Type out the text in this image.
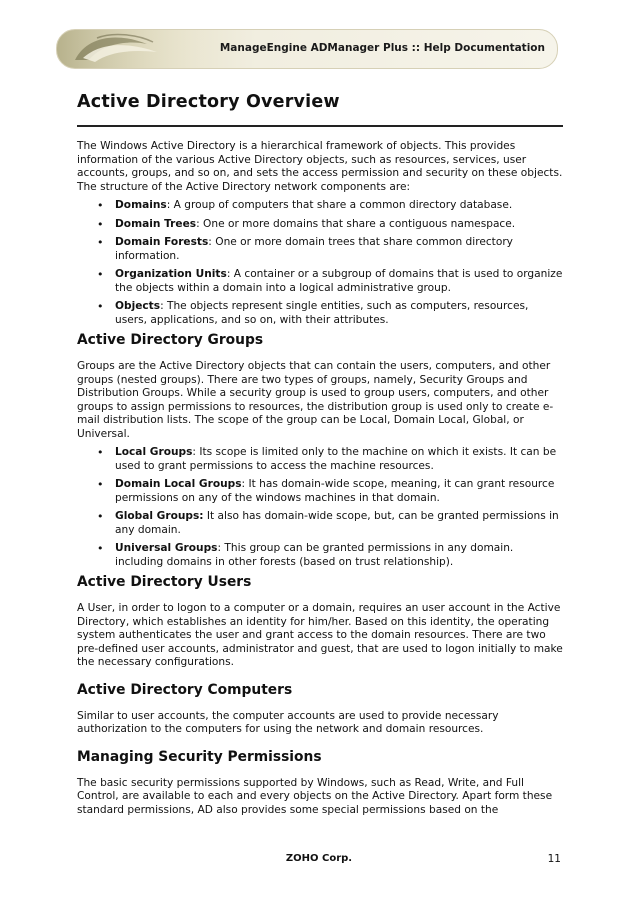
ManageEngine ADManager Plus :: Help Documentation
Active Directory Overview

The Windows Active Directory is a hierarchical framework of objects. This provides information of the various Active Directory objects, such as resources, services, user accounts, groups, and so on, and sets the access permission and security on these objects. The structure of the Active Directory network components are:

• Domains: A group of computers that share a common directory database.
• Domain Trees: One or more domains that share a contiguous namespace.
• Domain Forests: One or more domain trees that share common directory information.
• Organization Units: A container or a subgroup of domains that is used to organize the objects within a domain into a logical administrative group.
• Objects: The objects represent single entities, such as computers, resources, users, applications, and so on, with their attributes.
Active Directory Groups

Groups are the Active Directory objects that can contain the users, computers, and other groups (nested groups). There are two types of groups, namely, Security Groups and Distribution Groups. While a security group is used to group users, computers, and other groups to assign permissions to resources, the distribution group is used only to create e-mail distribution lists. The scope of the group can be Local, Domain Local, Global, or Universal.

• Local Groups: Its scope is limited only to the machine on which it exists. It can be used to grant permissions to access the machine resources.
• Domain Local Groups: It has domain-wide scope, meaning, it can grant resource permissions on any of the windows machines in that domain.
• Global Groups: It also has domain-wide scope, but, can be granted permissions in any domain.
• Universal Groups: This group can be granted permissions in any domain. including domains in other forests (based on trust relationship).
Active Directory Users

A User, in order to logon to a computer or a domain, requires an user account in the Active Directory, which establishes an identity for him/her. Based on this identity, the operating system authenticates the user and grant access to the domain resources. There are two pre-defined user accounts, administrator and guest, that are used to logon initially to make the necessary configurations.

Active Directory Computers

Similar to user accounts, the computer accounts are used to provide necessary authorization to the computers for using the network and domain resources.

Managing Security Permissions

The basic security permissions supported by Windows, such as Read, Write, and Full Control, are available to each and every objects on the Active Directory. Apart form these standard permissions, AD also provides some special permissions based on the

ZOHO Corp.	11
